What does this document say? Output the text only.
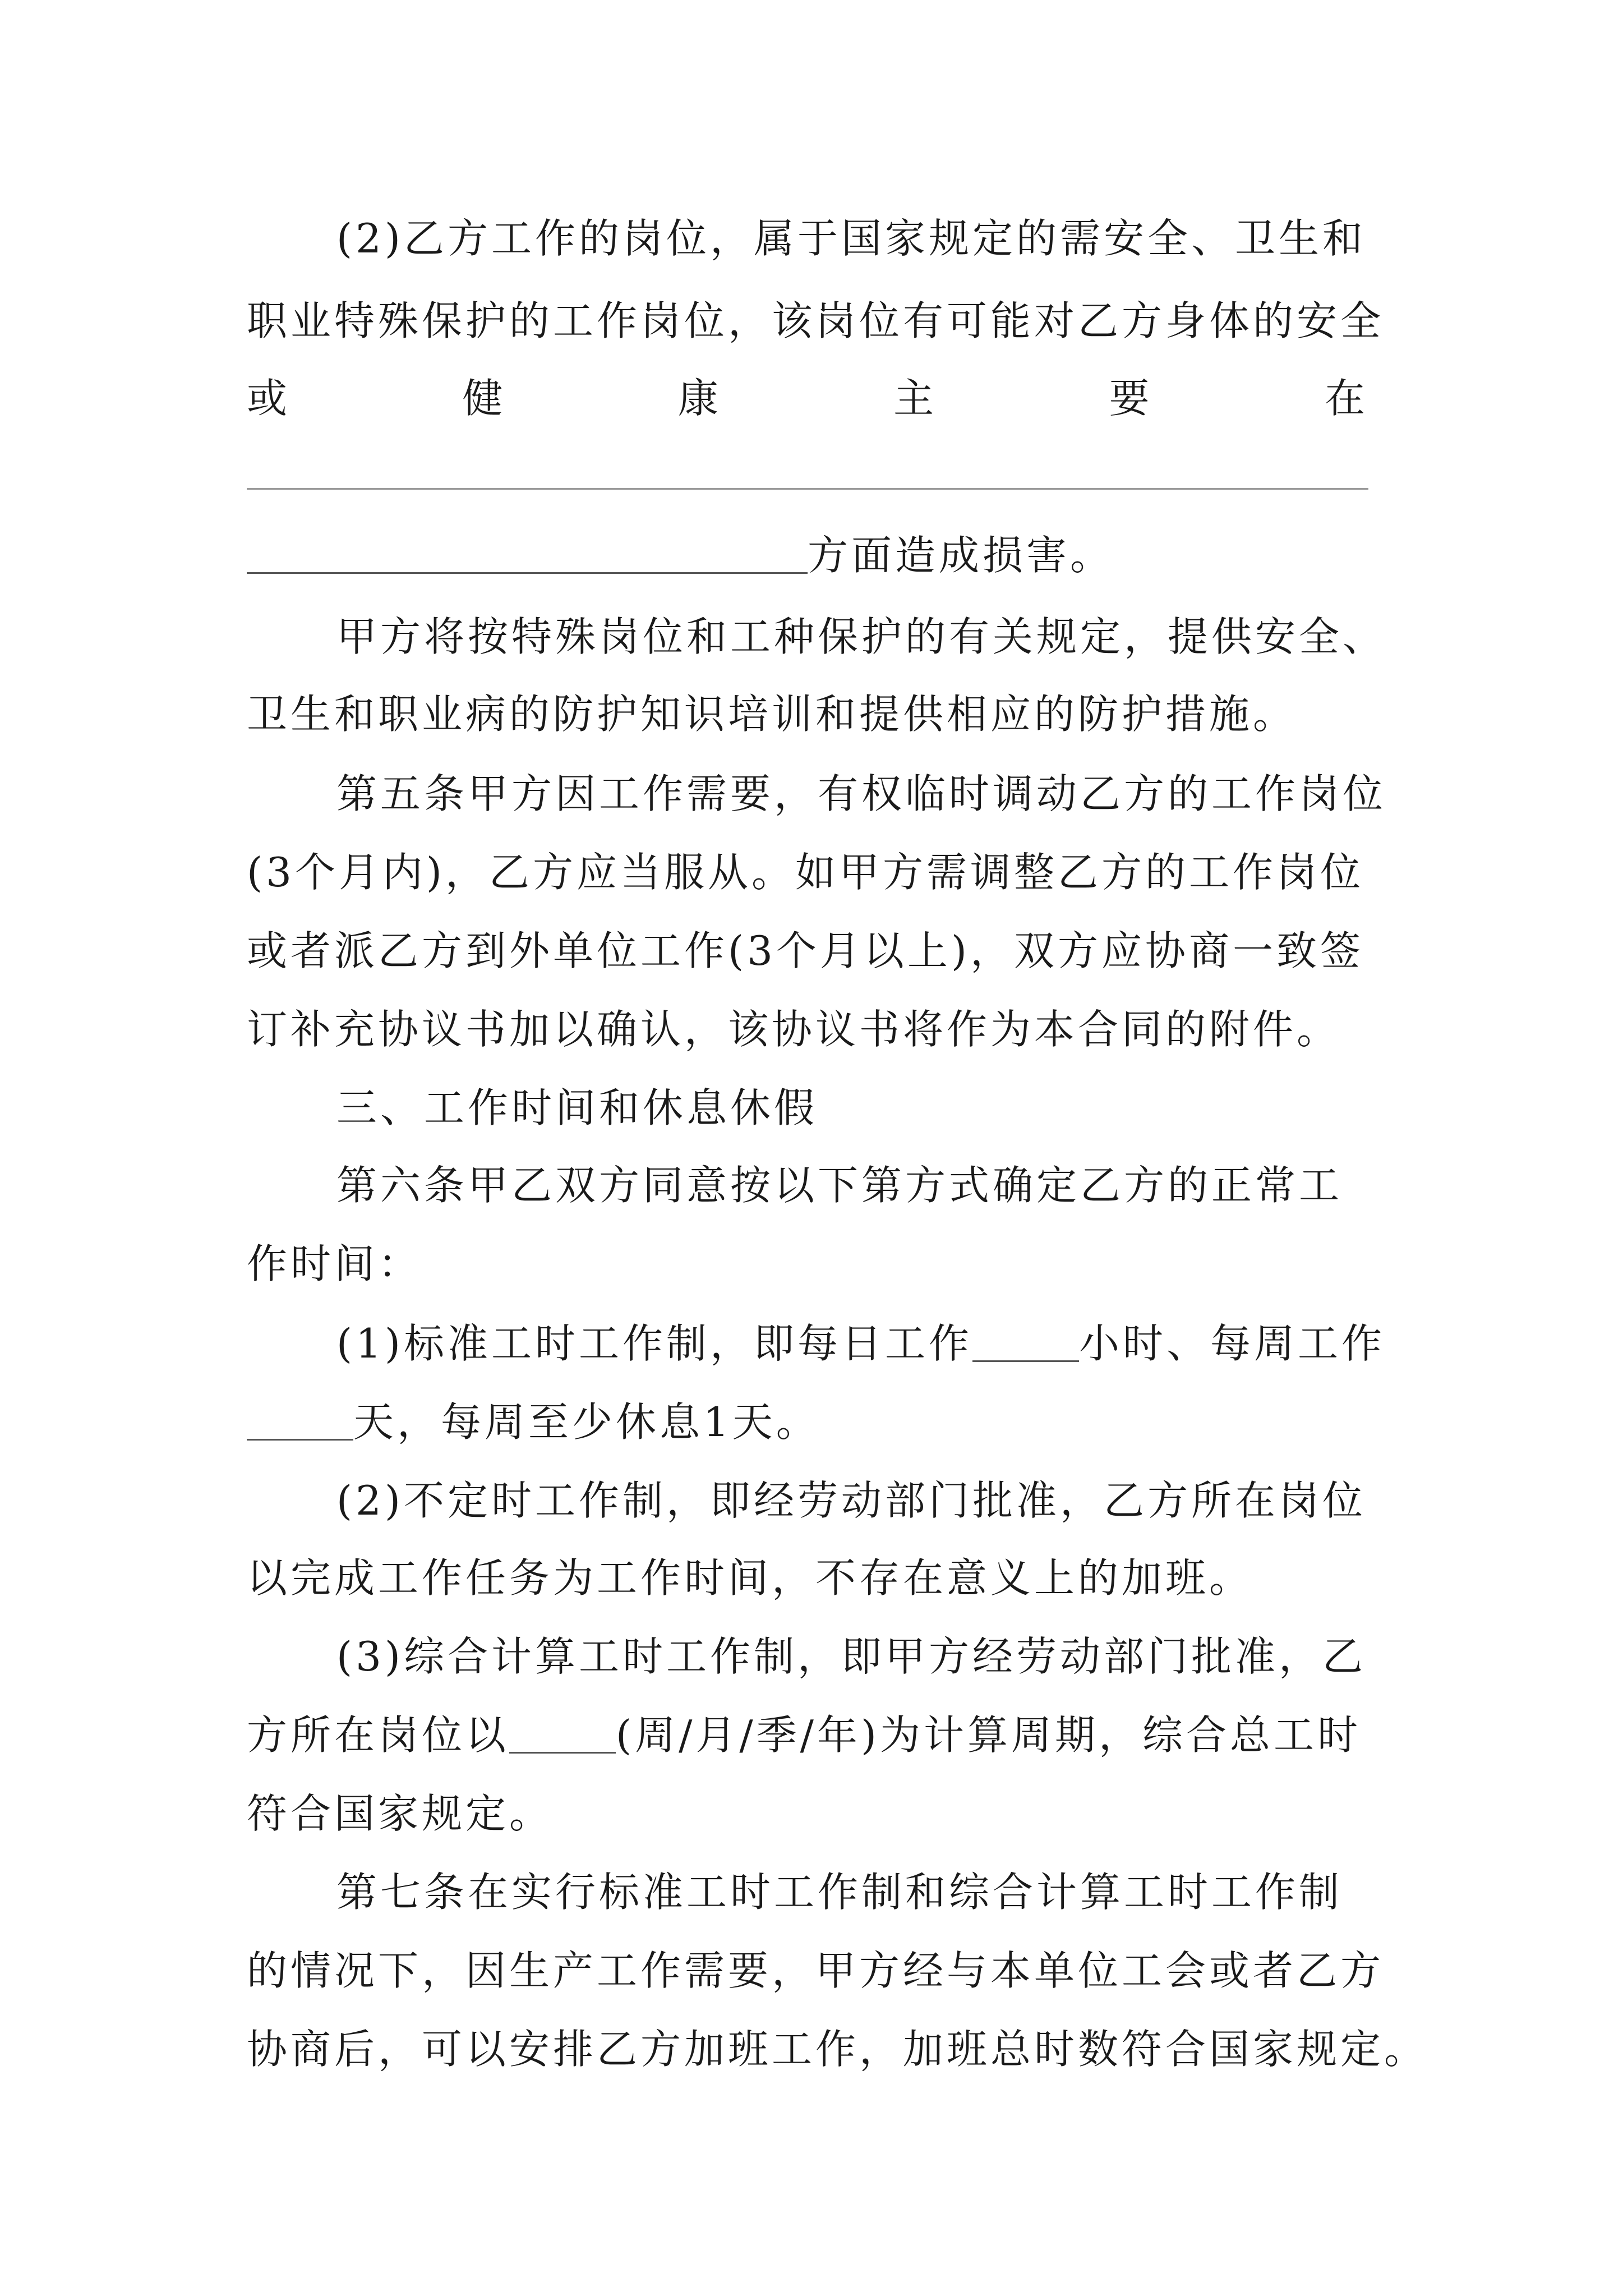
(2)乙方工作的岗位，属于国家规定的需安全、卫生和
职业特殊保护的工作岗位，该岗位有可能对乙方身体的安全
或	健	康	主	要	在
方面造成损害。
甲方将按特殊岗位和工种保护的有关规定，提供安全、
卫生和职业病的防护知识培训和提供相应的防护措施。
第五条甲方因工作需要，有权临时调动乙方的工作岗位
(3个月内)，乙方应当服从。如甲方需调整乙方的工作岗位
或者派乙方到外单位工作(3个月以上)，双方应协商一致签
订补充协议书加以确认，该协议书将作为本合同的附件。
三、工作时间和休息休假
第六条甲乙双方同意按以下第方式确定乙方的正常工
作时间：
(1)标准工时工作制，即每日工作	小时、每周工作
天，每周至少休息1天。
(2)不定时工作制，即经劳动部门批准，乙方所在岗位
以完成工作任务为工作时间，不存在意义上的加班。
(3)综合计算工时工作制，即甲方经劳动部门批准，乙
方所在岗位以	(周/月/季/年)为计算周期，综合总工时
符合国家规定。
第七条在实行标准工时工作制和综合计算工时工作制
的情况下，因生产工作需要，甲方经与本单位工会或者乙方
协商后，可以安排乙方加班工作，加班总时数符合国家规定。
